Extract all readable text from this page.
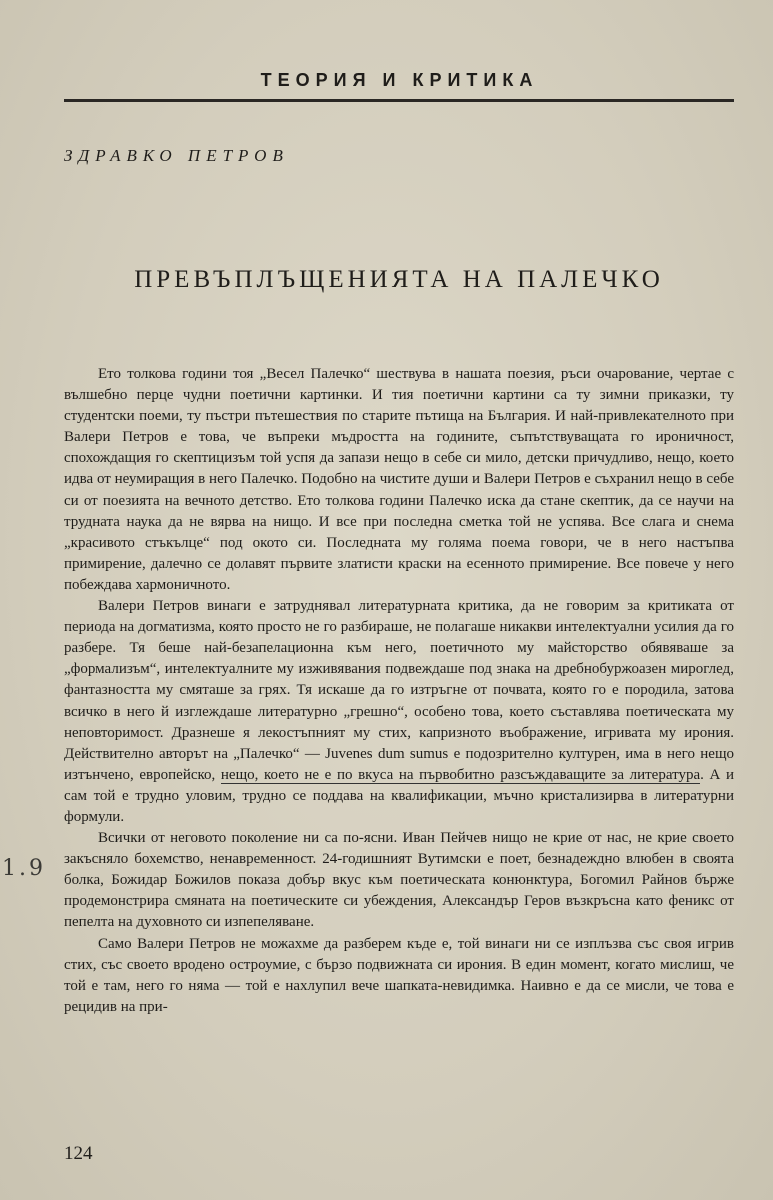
ТЕОРИЯ И КРИТИКА
ЗДРАВКО ПЕТРОВ
ПРЕВЪПЛЪЩЕНИЯТА НА ПАЛЕЧКО

Ето толкова години тоя „Весел Палечко“ шествува в нашата поезия, ръси очарование, чертае с вълшебно перце чудни поетични картинки. И тия поетични картини са ту зимни приказки, ту студентски поеми, ту пъстри пътешествия по старите пътища на България. И най-привлекателното при Валери Петров е това, че въпреки мъдростта на годините, съпътствуващата го ироничност, спохождащия го скептицизъм той успя да запази нещо в себе си мило, детски причудливо, нещо, което идва от неумиращия в него Палечко. Подобно на чистите души и Валери Петров е съхранил нещо в себе си от поезията на вечното детство. Ето толкова години Палечко иска да стане скептик, да се научи на трудната наука да не вярва на нищо. И все при последна сметка той не успява. Все слага и снема „красивото стъкълце“ под окото си. Последната му голяма поема говори, че в него настъпва примирение, далечно се долавят първите златисти краски на есенното примирение. Все повече у него побеждава хармоничното.

Валери Петров винаги е затруднявал литературната критика, да не говорим за критиката от периода на догматизма, която просто не го разбираше, не полагаше никакви интелектуални усилия да го разбере. Тя беше най-безапелационна към него, поетичното му майсторство обявяваше за „формализъм“, интелектуалните му изживявания подвеждаше под знака на дребнобуржоазен мироглед, фантазността му смяташе за грях. Тя искаше да го изтръгне от почвата, която го е породила, затова всичко в него й изглеждаше литературно „грешно“, особено това, което съставлява поетическата му неповторимост. Дразнеше я лекостъпният му стих, капризното въображение, игривата му ирония. Действително авторът на „Палечко“ — Juvenes dum sumus е подозрително културен, има в него нещо изтънчено, европейско, нещо, което не е по вкуса на първобитно разсъждаващите за литература. А и сам той е трудно уловим, трудно се поддава на квалификации, мъчно кристализирва в литературни формули.

Всички от неговото поколение ни са по-ясни. Иван Пейчев нищо не крие от нас, не крие своето закъсняло бохемство, ненавременност. 24-годишният Вутимски е поет, безнадеждно влюбен в своята болка, Божидар Божилов показа добър вкус към поетическата конюнктура, Богомил Райнов бърже продемонстрира смяната на поетическите си убеждения, Александър Геров възкръсна като феникс от пепелта на духовното си изпепеляване.

Само Валери Петров не можахме да разберем къде е, той винаги ни се изплъзва със своя игрив стих, със своето вродено остроумие, с бързо подвижната си ирония. В един момент, когато мислиш, че той е там, него го няма — той е нахлупил вече шапката-невидимка. Наивно е да се мисли, че това е рецидив на при-

1.9
124
